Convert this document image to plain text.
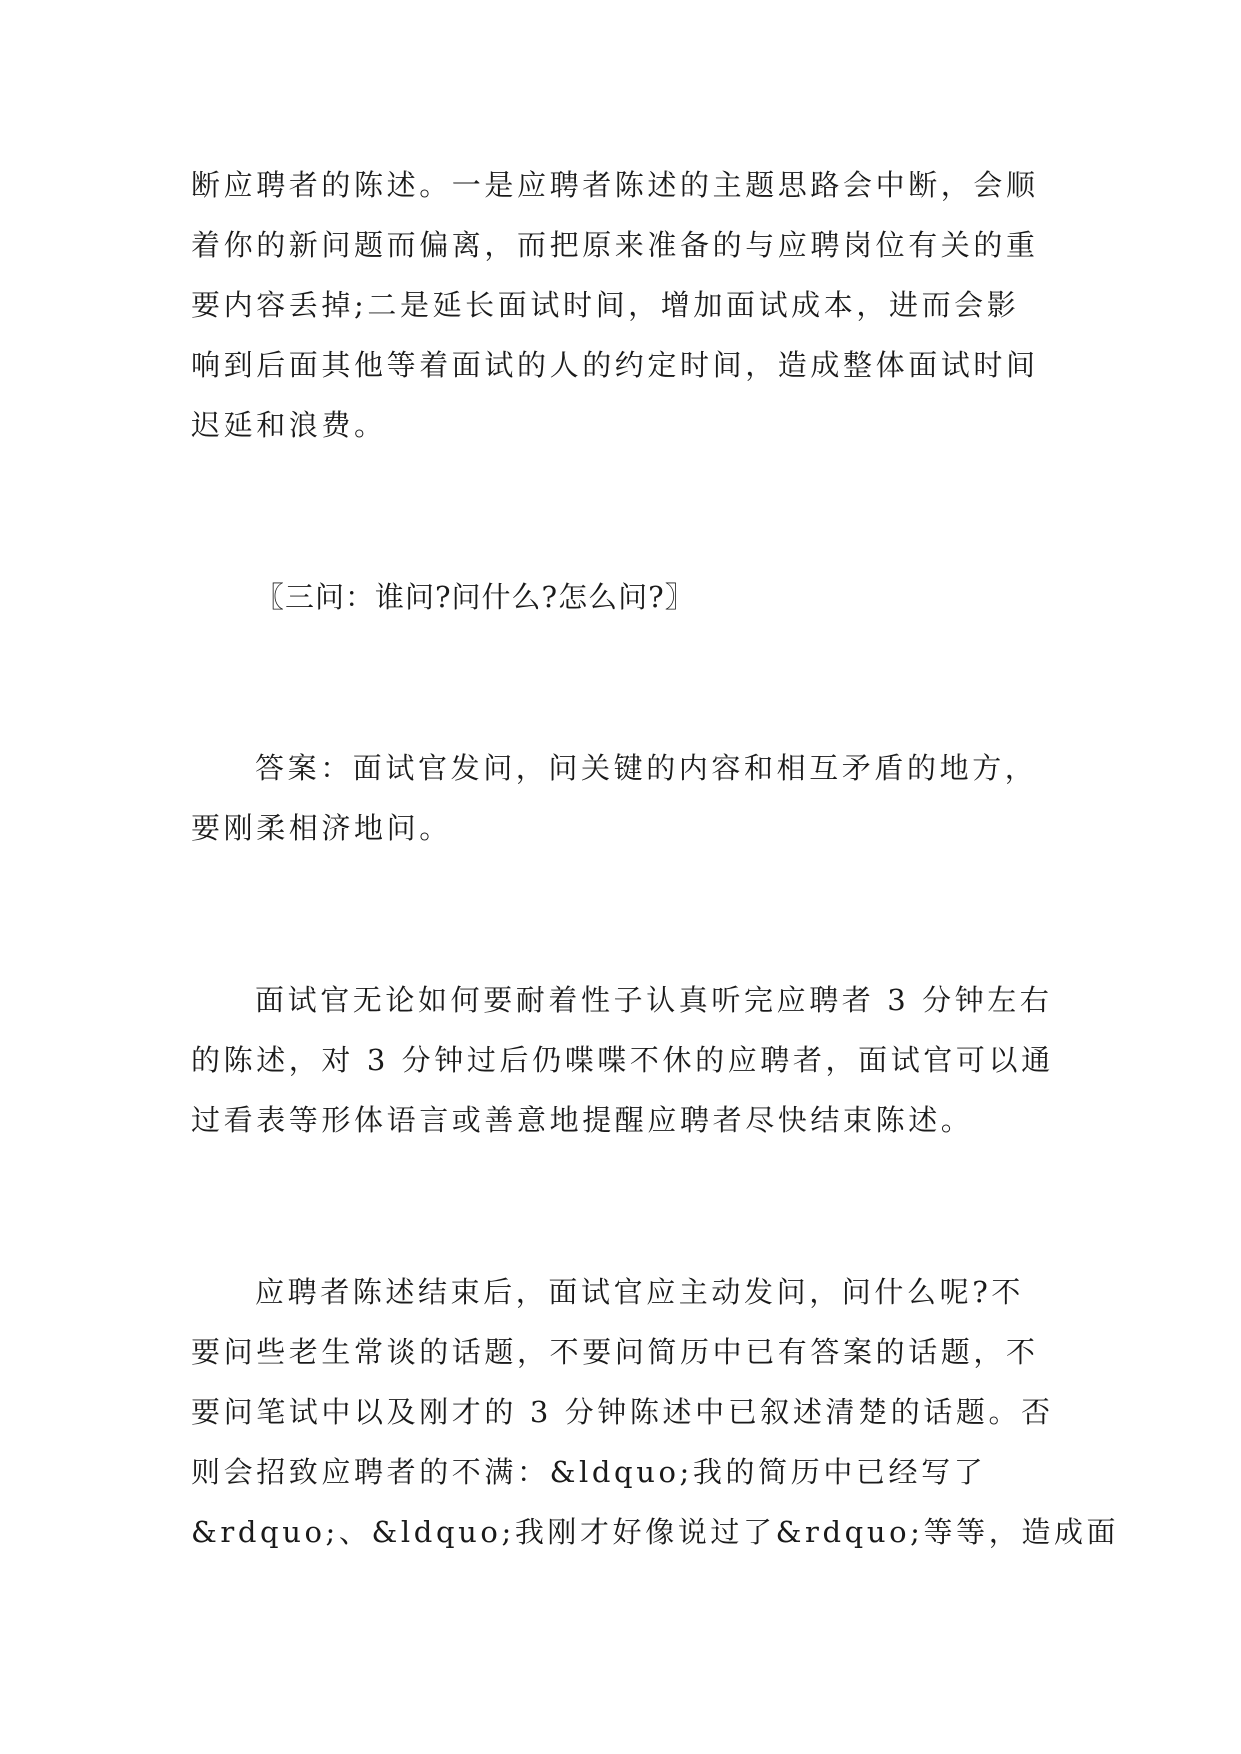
断应聘者的陈述。一是应聘者陈述的主题思路会中断，会顺
着你的新问题而偏离，而把原来准备的与应聘岗位有关的重
要内容丢掉;二是延长面试时间，增加面试成本，进而会影
响到后面其他等着面试的人的约定时间，造成整体面试时间
迟延和浪费。
〖三问：谁问?问什么?怎么问?〗
答案：面试官发问，问关键的内容和相互矛盾的地方，
要刚柔相济地问。
面试官无论如何要耐着性子认真听完应聘者 3 分钟左右
的陈述，对 3 分钟过后仍喋喋不休的应聘者，面试官可以通
过看表等形体语言或善意地提醒应聘者尽快结束陈述。
应聘者陈述结束后，面试官应主动发问，问什么呢?不
要问些老生常谈的话题，不要问简历中已有答案的话题，不
要问笔试中以及刚才的 3 分钟陈述中已叙述清楚的话题。否
则会招致应聘者的不满：&ldquo;我的简历中已经写了
&rdquo;、&ldquo;我刚才好像说过了&rdquo;等等，造成面
